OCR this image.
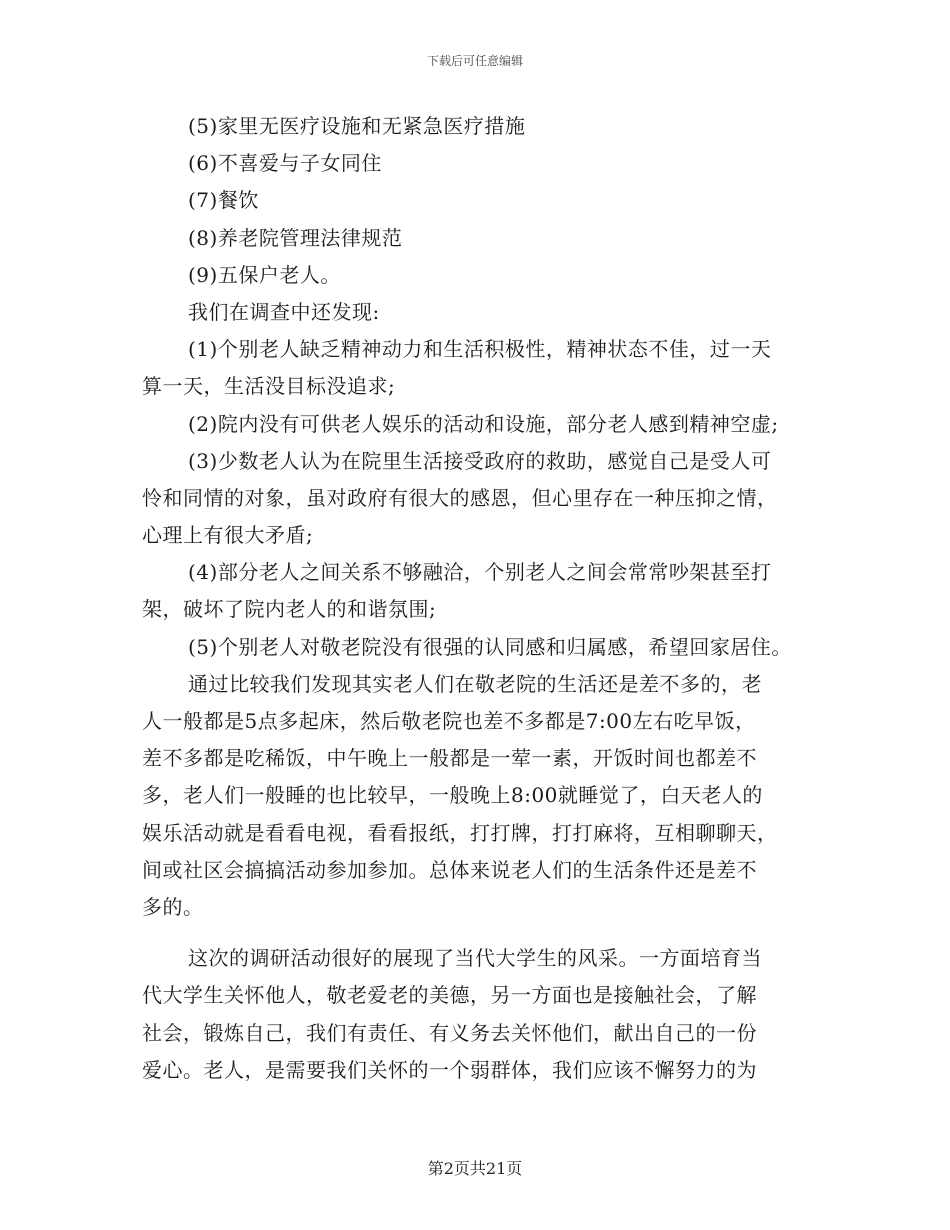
下载后可任意编辑
(5)家里无医疗设施和无紧急医疗措施
(6)不喜爱与子女同住
(7)餐饮
(8)养老院管理法律规范
(9)五保户老人。
我们在调查中还发现:
(1)个别老人缺乏精神动力和生活积极性，精神状态不佳，过一天
算一天，生活没目标没追求;
(2)院内没有可供老人娱乐的活动和设施，部分老人感到精神空虚;
(3)少数老人认为在院里生活接受政府的救助，感觉自己是受人可
怜和同情的对象，虽对政府有很大的感恩，但心里存在一种压抑之情，
心理上有很大矛盾;
(4)部分老人之间关系不够融洽，个别老人之间会常常吵架甚至打
架，破坏了院内老人的和谐氛围;
(5)个别老人对敬老院没有很强的认同感和归属感，希望回家居住。
通过比较我们发现其实老人们在敬老院的生活还是差不多的，老
人一般都是5点多起床，然后敬老院也差不多都是7:00左右吃早饭，
差不多都是吃稀饭，中午晚上一般都是一荤一素，开饭时间也都差不
多，老人们一般睡的也比较早，一般晚上8:00就睡觉了，白天老人的
娱乐活动就是看看电视，看看报纸，打打牌，打打麻将，互相聊聊天，
间或社区会搞搞活动参加参加。总体来说老人们的生活条件还是差不
多的。
这次的调研活动很好的展现了当代大学生的风采。一方面培育当
代大学生关怀他人，敬老爱老的美德，另一方面也是接触社会，了解
社会，锻炼自己，我们有责任、有义务去关怀他们，献出自己的一份
爱心。老人，是需要我们关怀的一个弱群体，我们应该不懈努力的为
第2页共21页
